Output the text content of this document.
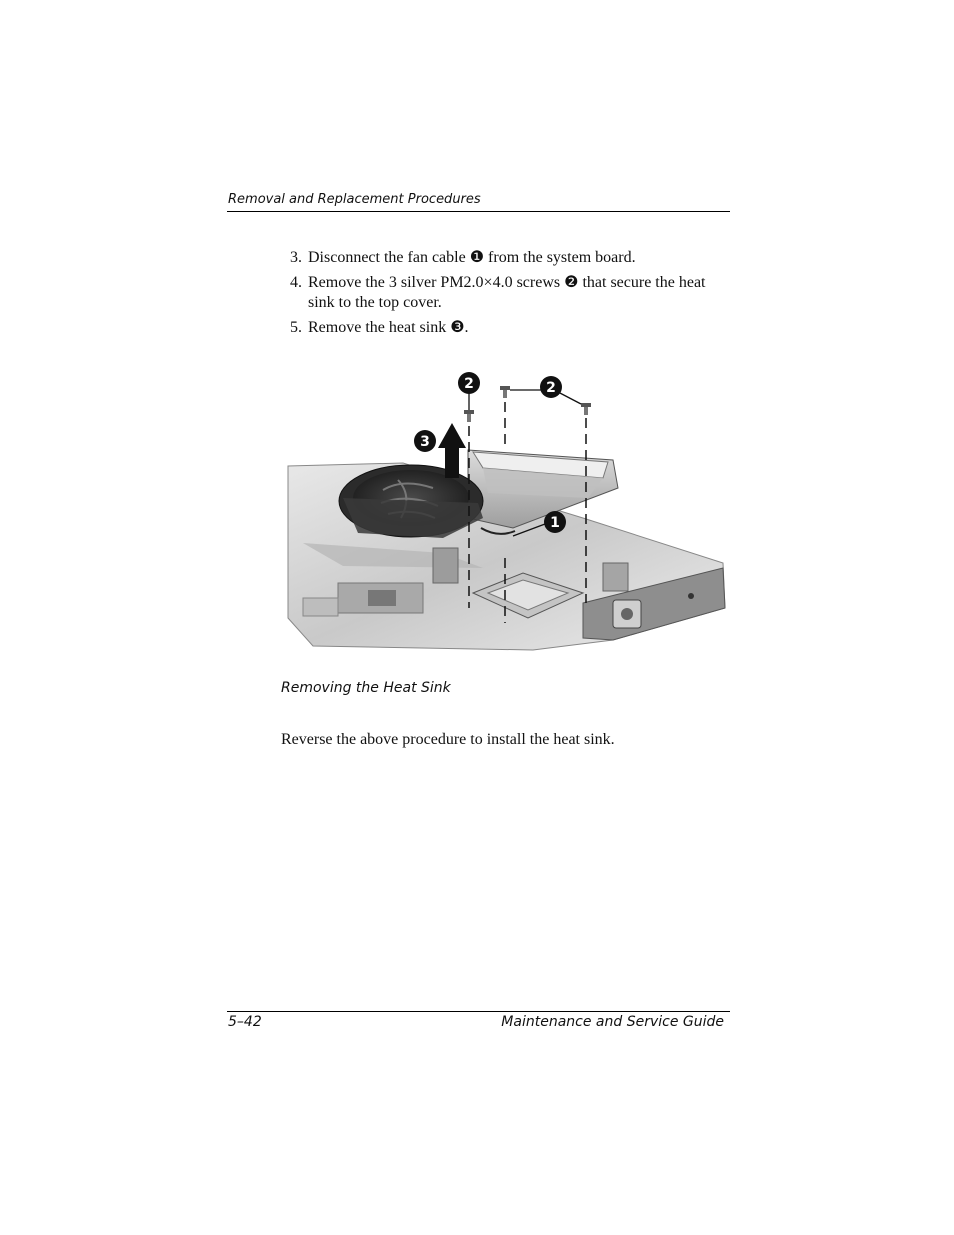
Removal and Replacement Procedures
3. Disconnect the fan cable ❶ from the system board.
4. Remove the 3 silver PM2.0×4.0 screws ❷ that secure the heat sink to the top cover.
5. Remove the heat sink ❸.
2	2
3
1
Removing the Heat Sink
Reverse the above procedure to install the heat sink.
5–42	Maintenance and Service Guide
